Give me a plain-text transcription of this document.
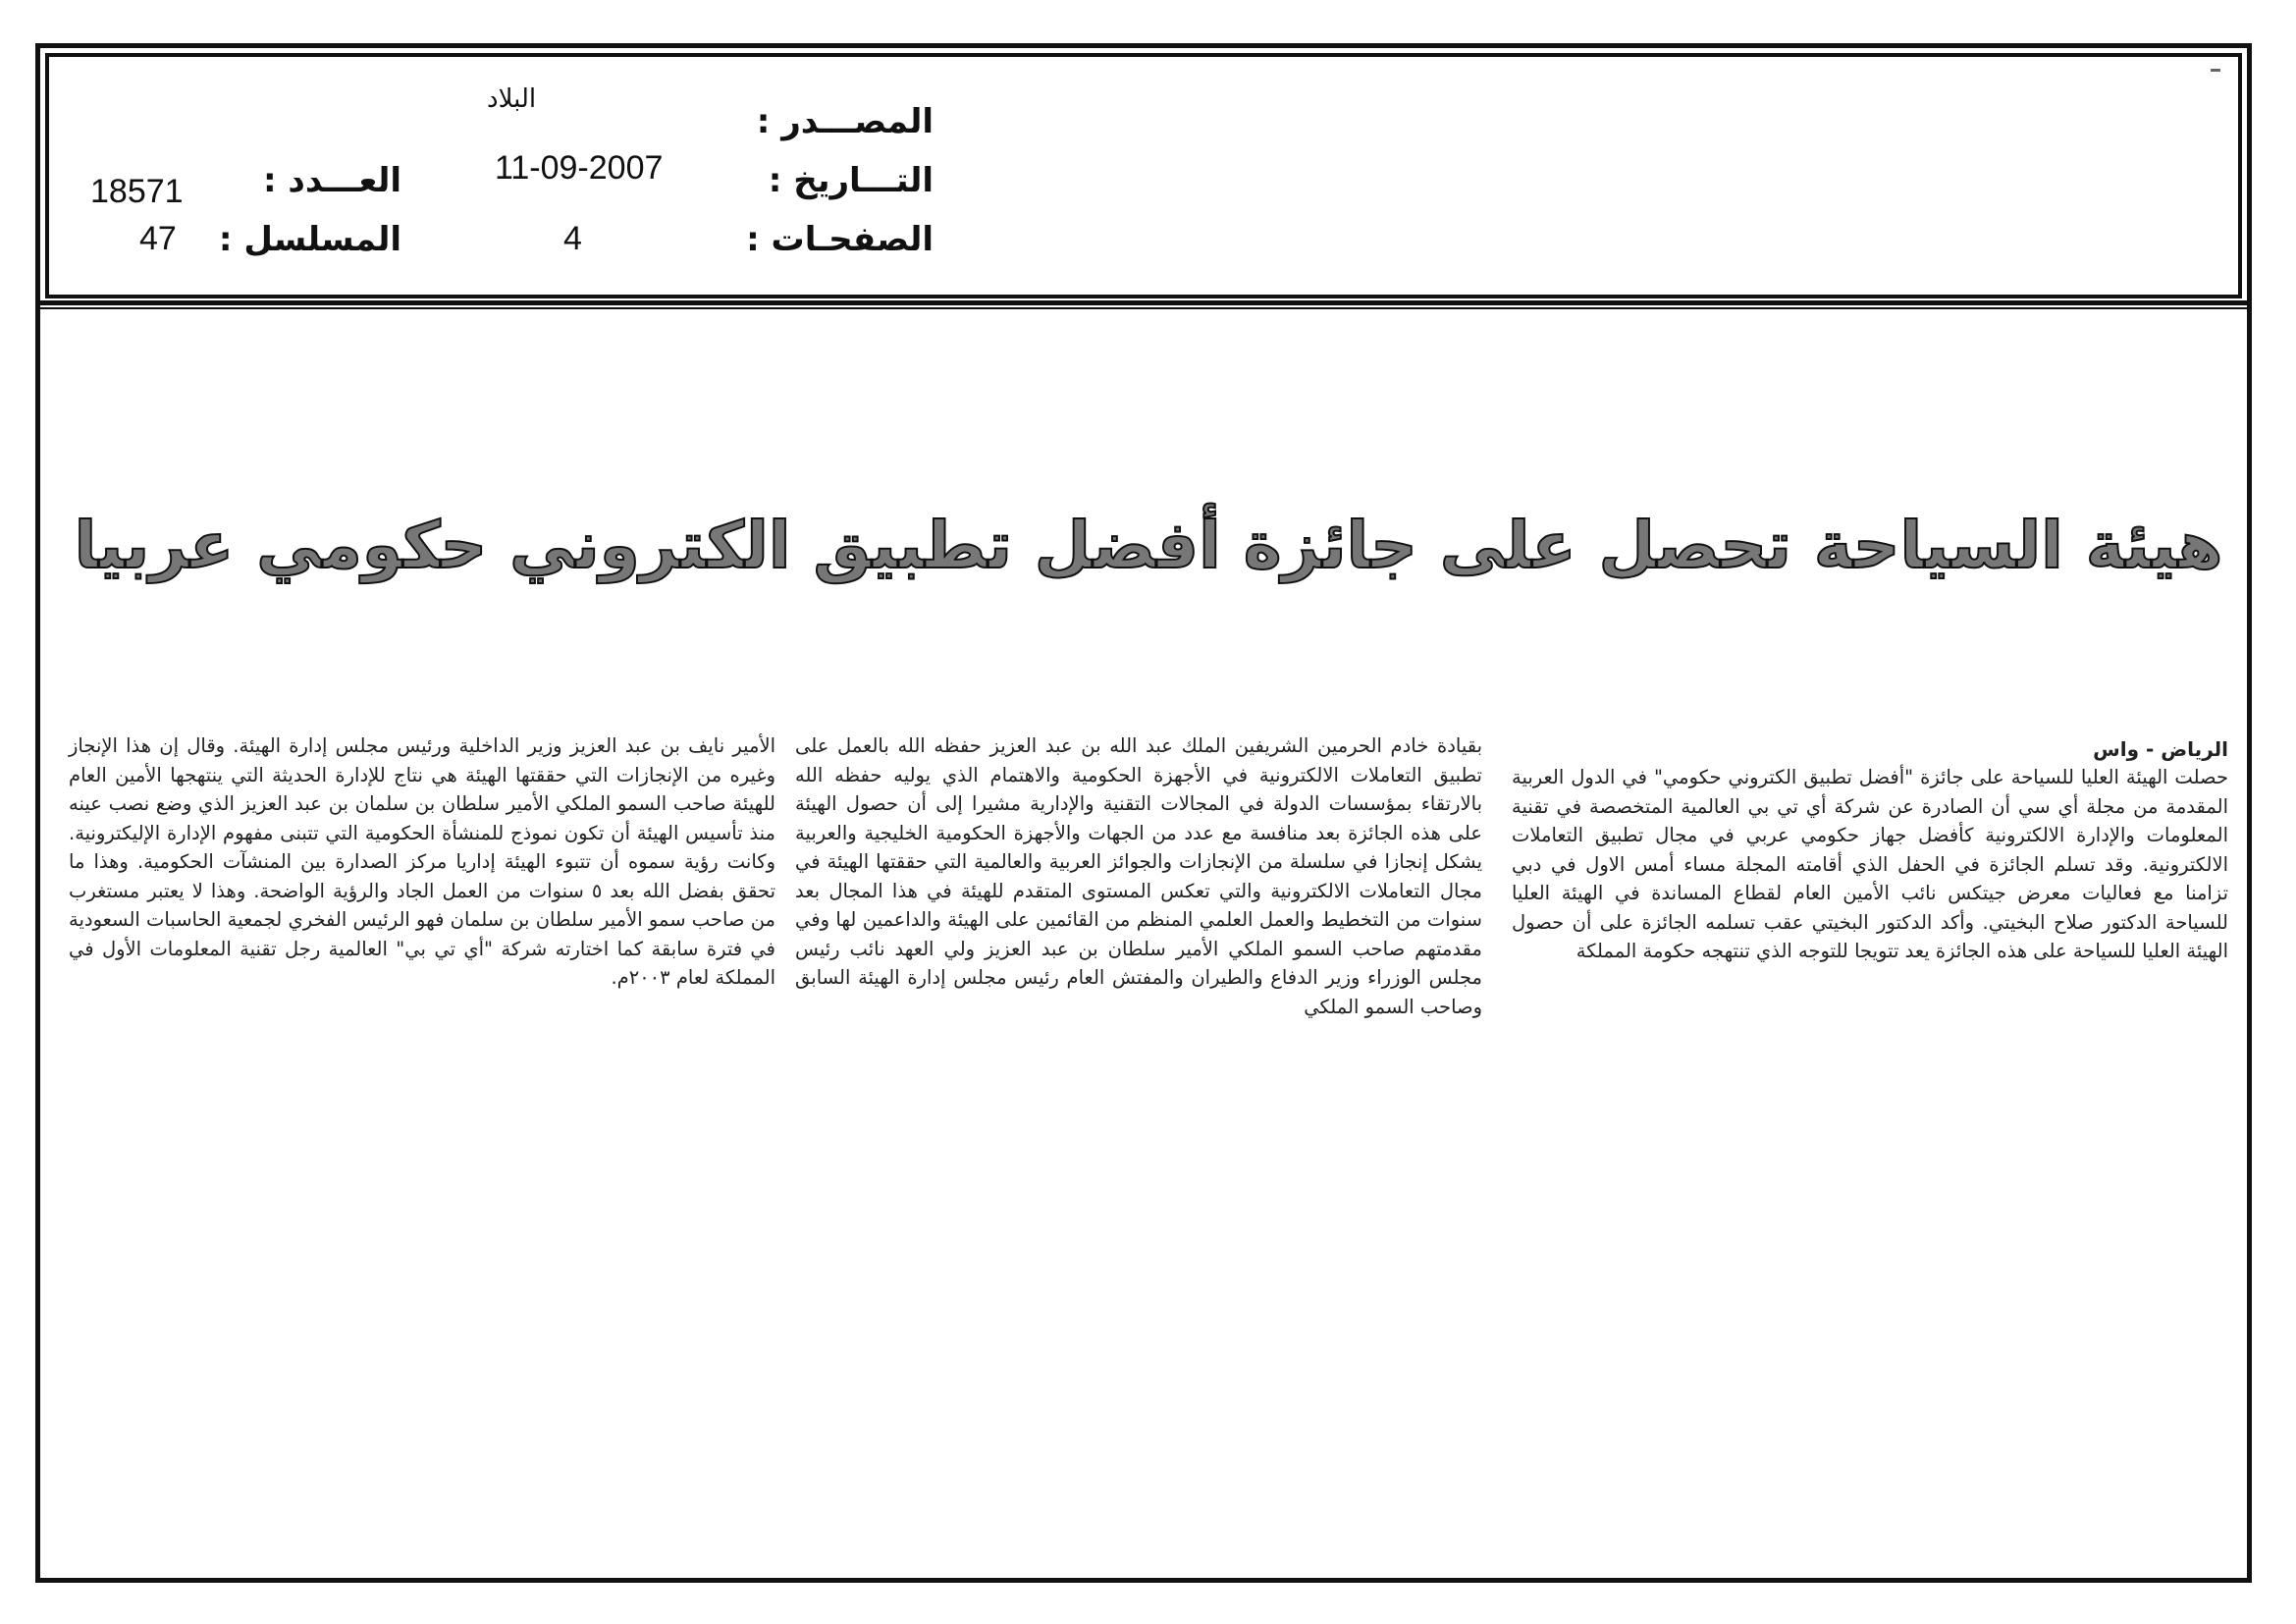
المصـــدر :
التـــاريخ :
الصفحـات :
البلاد
11-09-2007
4
العـــدد :
المسلسل :
18571
47
هيئة السياحة تحصل على جائزة أفضل تطبيق الكتروني حكومي عربيا
الرياض - واس

حصلت الهيئة العليا للسياحة على جائزة "أفضل تطبيق الكتروني حكومي" في الدول العربية المقدمة من مجلة أي سي أن الصادرة عن شركة أي تي بي العالمية المتخصصة في تقنية المعلومات والإدارة الالكترونية كأفضل جهاز حكومي عربي في مجال تطبيق التعاملات الالكترونية. وقد تسلم الجائزة في الحفل الذي أقامته المجلة مساء أمس الاول في دبي تزامنا مع فعاليات معرض جيتكس نائب الأمين العام لقطاع المساندة في الهيئة العليا للسياحة الدكتور صلاح البخيتي. وأكد الدكتور البخيتي عقب تسلمه الجائزة على أن حصول الهيئة العليا للسياحة على هذه الجائزة يعد تتويجا للتوجه الذي تنتهجه حكومة المملكة

بقيادة خادم الحرمين الشريفين الملك عبد الله بن عبد العزيز حفظه الله بالعمل على تطبيق التعاملات الالكترونية في الأجهزة الحكومية والاهتمام الذي يوليه حفظه الله بالارتقاء بمؤسسات الدولة في المجالات التقنية والإدارية مشيرا إلى أن حصول الهيئة على هذه الجائزة بعد منافسة مع عدد من الجهات والأجهزة الحكومية الخليجية والعربية يشكل إنجازا في سلسلة من الإنجازات والجوائز العربية والعالمية التي حققتها الهيئة في مجال التعاملات الالكترونية والتي تعكس المستوى المتقدم للهيئة في هذا المجال بعد سنوات من التخطيط والعمل العلمي المنظم من القائمين على الهيئة والداعمين لها وفي مقدمتهم صاحب السمو الملكي الأمير سلطان بن عبد العزيز ولي العهد نائب رئيس مجلس الوزراء وزير الدفاع والطيران والمفتش العام رئيس مجلس إدارة الهيئة السابق وصاحب السمو الملكي

الأمير نايف بن عبد العزيز وزير الداخلية ورئيس مجلس إدارة الهيئة. وقال إن هذا الإنجاز وغيره من الإنجازات التي حققتها الهيئة هي نتاج للإدارة الحديثة التي ينتهجها الأمين العام للهيئة صاحب السمو الملكي الأمير سلطان بن سلمان بن عبد العزيز الذي وضع نصب عينه منذ تأسيس الهيئة أن تكون نموذج للمنشأة الحكومية التي تتبنى مفهوم الإدارة الإليكترونية. وكانت رؤية سموه أن تتبوء الهيئة إداريا مركز الصدارة بين المنشآت الحكومية. وهذا ما تحقق بفضل الله بعد ٥ سنوات من العمل الجاد والرؤية الواضحة. وهذا لا يعتبر مستغرب من صاحب سمو الأمير سلطان بن سلمان فهو الرئيس الفخري لجمعية الحاسبات السعودية في فترة سابقة كما اختارته شركة "أي تي بي" العالمية رجل تقنية المعلومات الأول في المملكة لعام ٢٠٠٣م.
